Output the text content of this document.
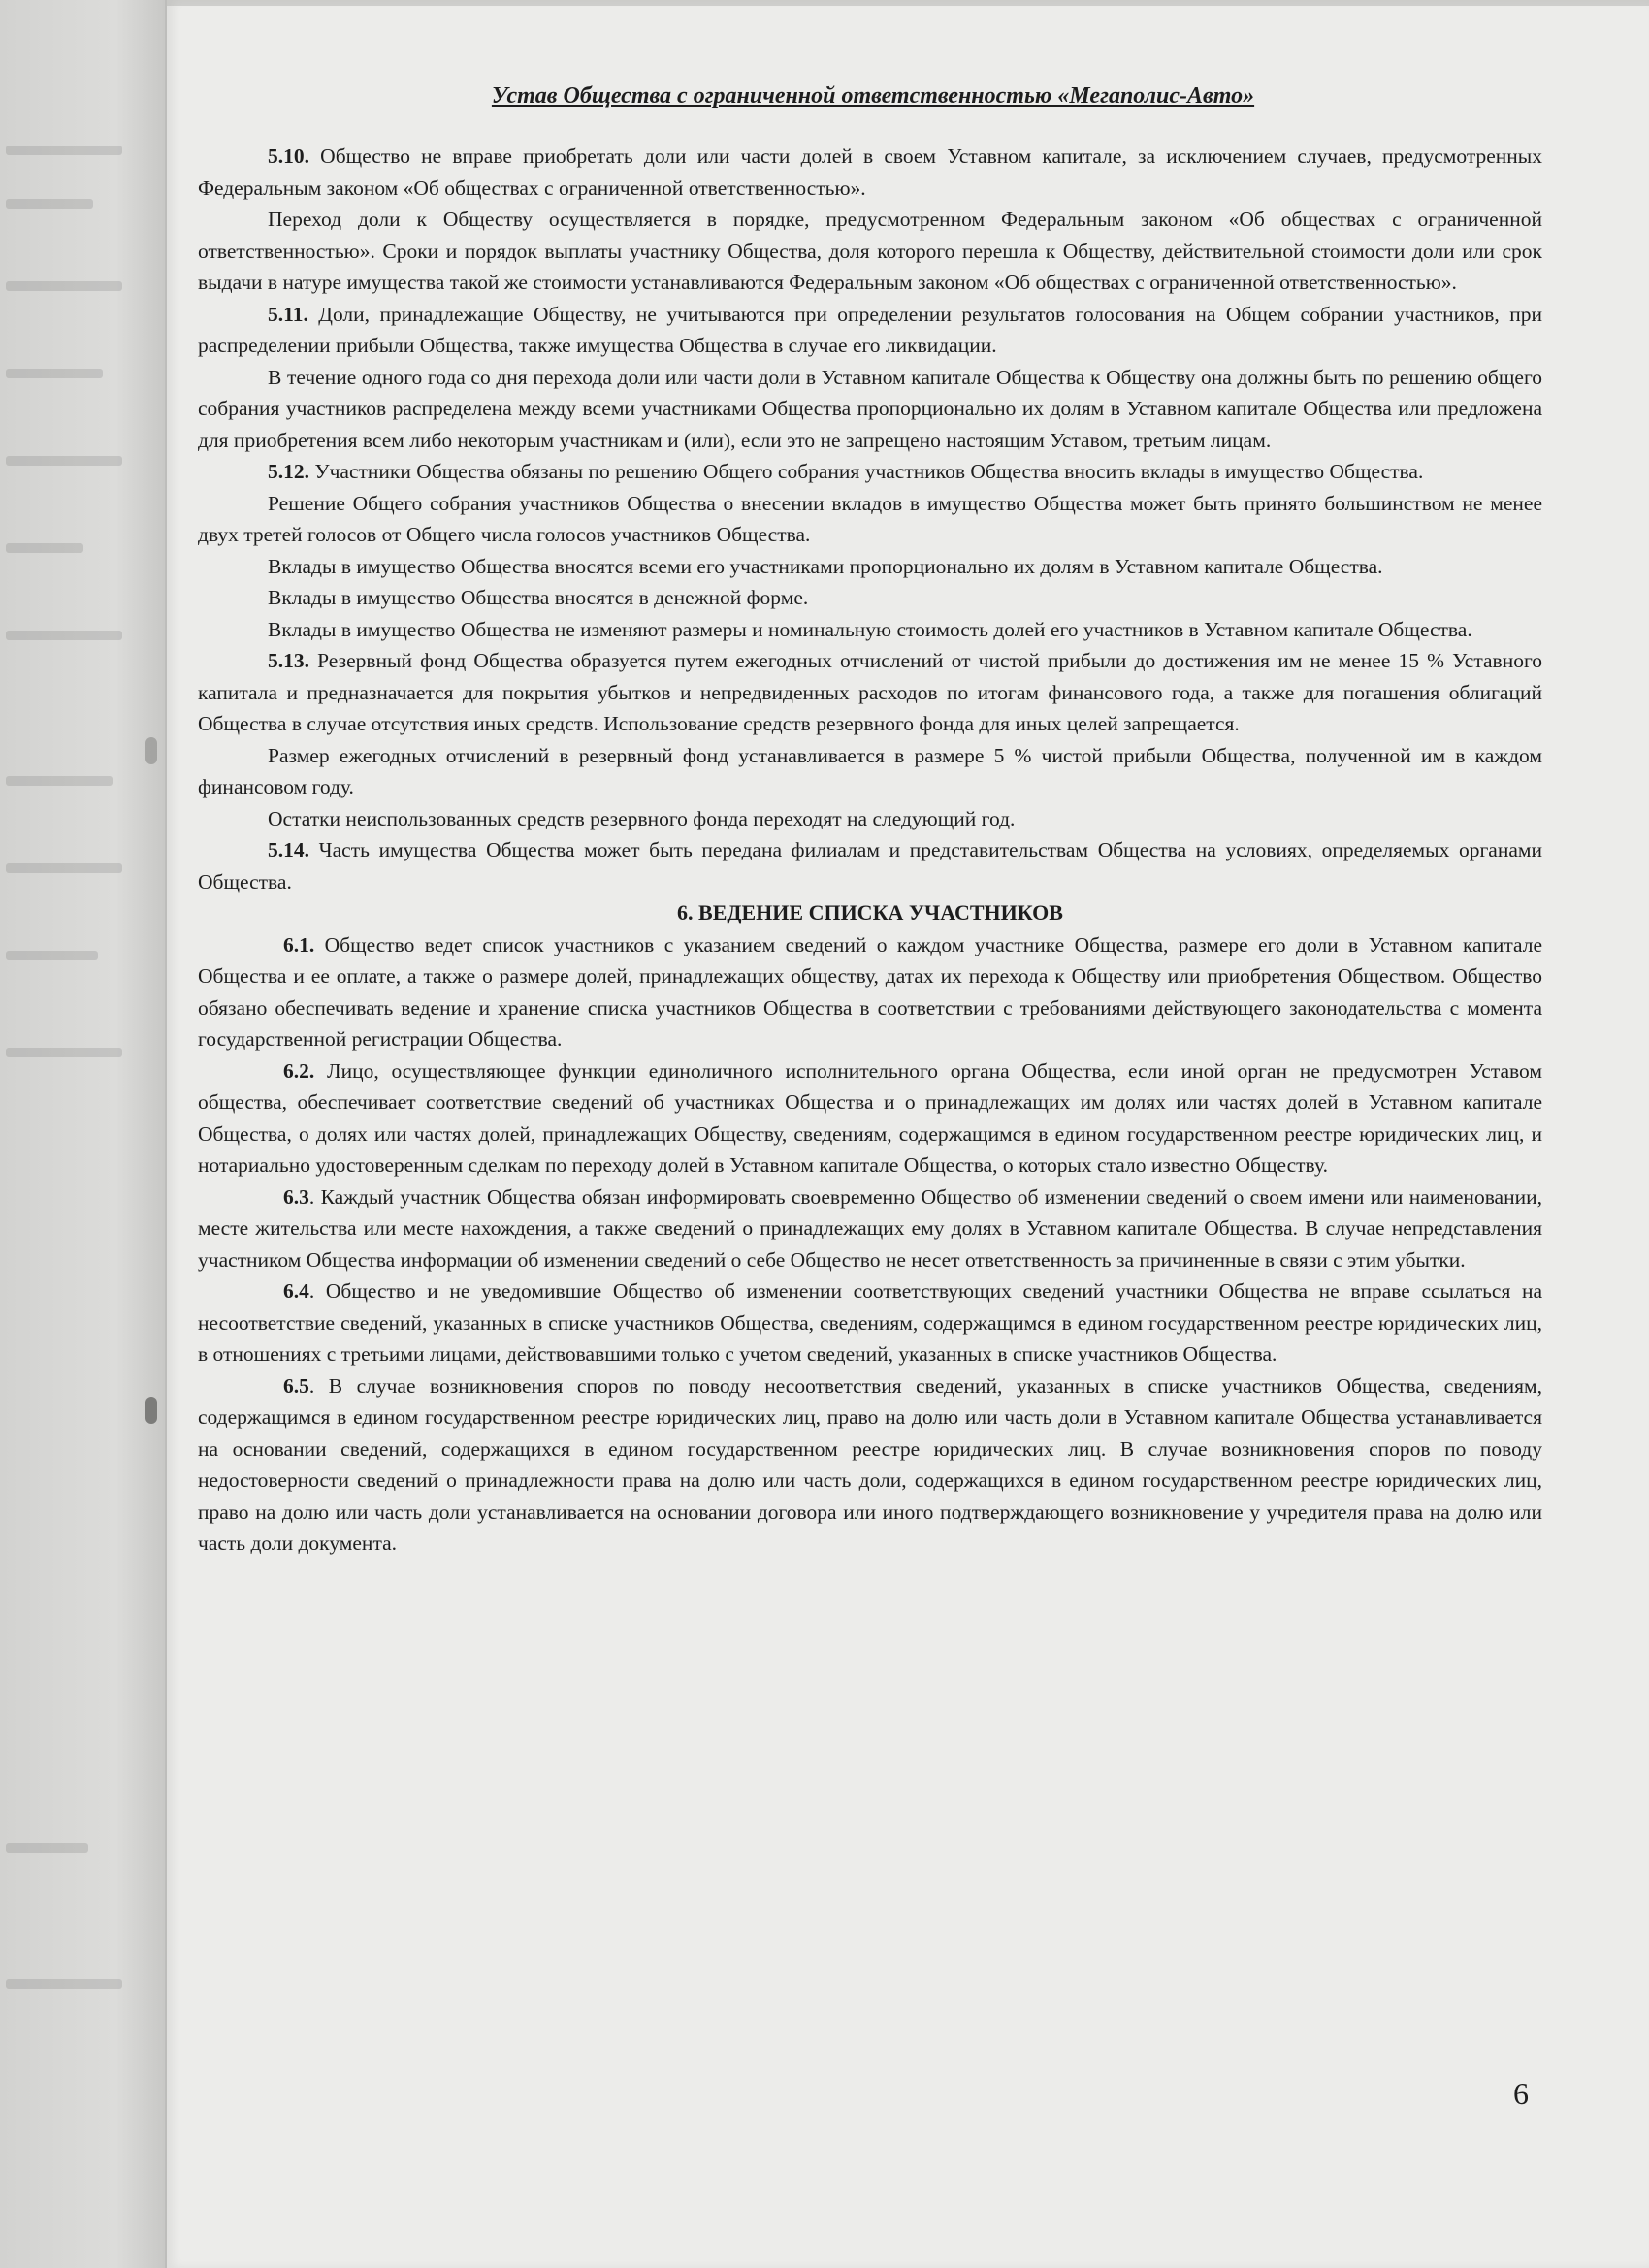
Устав Общества с ограниченной ответственностью «Мегаполис-Авто»

5.10. Общество не вправе приобретать доли или части долей в своем Уставном капитале, за исключением случаев, предусмотренных Федеральным законом «Об обществах с ограниченной ответственностью».

Переход доли к Обществу осуществляется в порядке, предусмотренном Федеральным законом «Об обществах с ограниченной ответственностью». Сроки и порядок выплаты участнику Общества, доля которого перешла к Обществу, действительной стоимости доли или срок выдачи в натуре имущества такой же стоимости устанавливаются Федеральным законом «Об обществах с ограниченной ответственностью».

5.11. Доли, принадлежащие Обществу, не учитываются при определении результатов голосования на Общем собрании участников, при распределении прибыли Общества, также имущества Общества в случае его ликвидации.

В течение одного года со дня перехода доли или части доли в Уставном капитале Общества к Обществу она должны быть по решению общего собрания участников распределена между всеми участниками Общества пропорционально их долям в Уставном капитале Общества или предложена для приобретения всем либо некоторым участникам и (или), если это не запрещено настоящим Уставом, третьим лицам.

5.12. Участники Общества обязаны по решению Общего собрания участников Общества вносить вклады в имущество Общества.

Решение Общего собрания участников Общества о внесении вкладов в имущество Общества может быть принято большинством не менее двух третей голосов от Общего числа голосов участников Общества.

Вклады в имущество Общества вносятся всеми его участниками пропорционально их долям в Уставном капитале Общества.

Вклады в имущество Общества вносятся в денежной форме.

Вклады в имущество Общества не изменяют размеры и номинальную стоимость долей его участников в Уставном капитале Общества.

5.13. Резервный фонд Общества образуется путем ежегодных отчислений от чистой прибыли до достижения им не менее 15 % Уставного капитала и предназначается для покрытия убытков и непредвиденных расходов по итогам финансового года, а также для погашения облигаций Общества в случае отсутствия иных средств. Использование средств резервного фонда для иных целей запрещается.

Размер ежегодных отчислений в резервный фонд устанавливается в размере 5 % чистой прибыли Общества, полученной им в каждом финансовом году.

Остатки неиспользованных средств резервного фонда переходят на следующий год.

5.14. Часть имущества Общества может быть передана филиалам и представительствам Общества на условиях, определяемых органами Общества.

6. ВЕДЕНИЕ СПИСКА УЧАСТНИКОВ

6.1. Общество ведет список участников с указанием сведений о каждом участнике Общества, размере его доли в Уставном капитале Общества и ее оплате, а также о размере долей, принадлежащих обществу, датах их перехода к Обществу или приобретения Обществом. Общество обязано обеспечивать ведение и хранение списка участников Общества в соответствии с требованиями действующего законодательства с момента государственной регистрации Общества.

6.2. Лицо, осуществляющее функции единоличного исполнительного органа Общества, если иной орган не предусмотрен Уставом общества, обеспечивает соответствие сведений об участниках Общества и о принадлежащих им долях или частях долей в Уставном капитале Общества, о долях или частях долей, принадлежащих Обществу, сведениям, содержащимся в едином государственном реестре юридических лиц, и нотариально удостоверенным сделкам по переходу долей в Уставном капитале Общества, о которых стало известно Обществу.

6.3. Каждый участник Общества обязан информировать своевременно Общество об изменении сведений о своем имени или наименовании, месте жительства или месте нахождения, а также сведений о принадлежащих ему долях в Уставном капитале Общества. В случае непредставления участником Общества информации об изменении сведений о себе Общество не несет ответственность за причиненные в связи с этим убытки.

6.4. Общество и не уведомившие Общество об изменении соответствующих сведений участники Общества не вправе ссылаться на несоответствие сведений, указанных в списке участников Общества, сведениям, содержащимся в едином государственном реестре юридических лиц, в отношениях с третьими лицами, действовавшими только с учетом сведений, указанных в списке участников Общества.

6.5. В случае возникновения споров по поводу несоответствия сведений, указанных в списке участников Общества, сведениям, содержащимся в едином государственном реестре юридических лиц, право на долю или часть доли в Уставном капитале Общества устанавливается на основании сведений, содержащихся в едином государственном реестре юридических лиц. В случае возникновения споров по поводу недостоверности сведений о принадлежности права на долю или часть доли, содержащихся в едином государственном реестре юридических лиц, право на долю или часть доли устанавливается на основании договора или иного подтверждающего возникновение у учредителя права на долю или часть доли документа.

6
